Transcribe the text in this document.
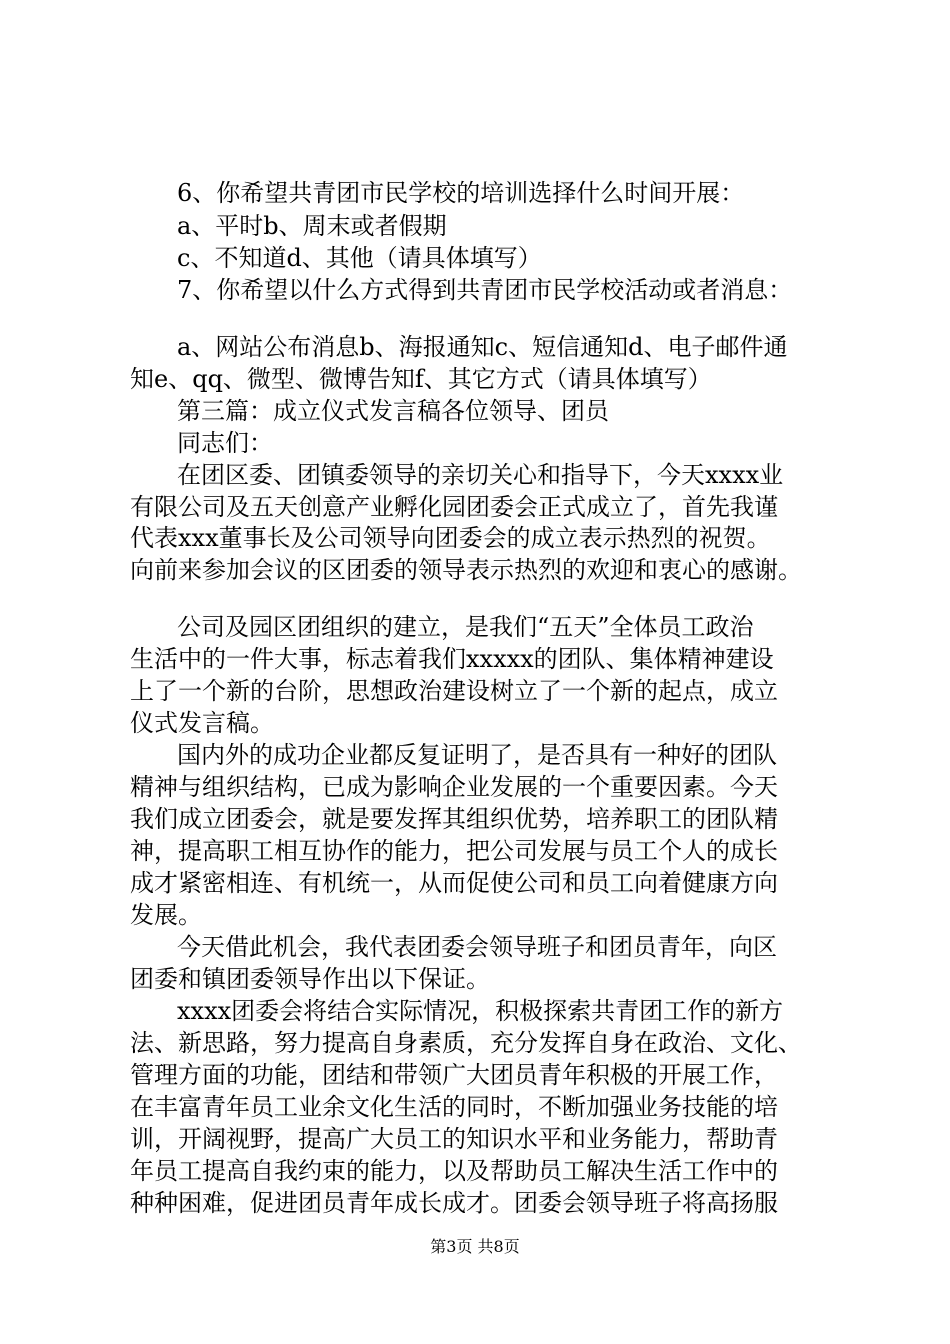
6、你希望共青团市民学校的培训选择什么时间开展：
a、平时b、周末或者假期
c、不知道d、其他（请具体填写）
7、你希望以什么方式得到共青团市民学校活动或者消息：
a、网站公布消息b、海报通知c、短信通知d、电子邮件通
知e、qq、微型、微博告知f、其它方式（请具体填写）
第三篇：成立仪式发言稿各位领导、团员
同志们：
在团区委、团镇委领导的亲切关心和指导下，今天xxxx业
有限公司及五天创意产业孵化园团委会正式成立了，首先我谨
代表xxx董事长及公司领导向团委会的成立表示热烈的祝贺。
向前来参加会议的区团委的领导表示热烈的欢迎和衷心的感谢。
公司及园区团组织的建立，是我们“五天”全体员工政治
生活中的一件大事，标志着我们xxxxx的团队、集体精神建设
上了一个新的台阶，思想政治建设树立了一个新的起点，成立
仪式发言稿。
国内外的成功企业都反复证明了，是否具有一种好的团队
精神与组织结构，已成为影响企业发展的一个重要因素。今天
我们成立团委会，就是要发挥其组织优势，培养职工的团队精
神，提高职工相互协作的能力，把公司发展与员工个人的成长
成才紧密相连、有机统一，从而促使公司和员工向着健康方向
发展。
今天借此机会，我代表团委会领导班子和团员青年，向区
团委和镇团委领导作出以下保证。
xxxx团委会将结合实际情况，积极探索共青团工作的新方
法、新思路，努力提高自身素质，充分发挥自身在政治、文化、
管理方面的功能，团结和带领广大团员青年积极的开展工作，
在丰富青年员工业余文化生活的同时，不断加强业务技能的培
训，开阔视野，提高广大员工的知识水平和业务能力，帮助青
年员工提高自我约束的能力，以及帮助员工解决生活工作中的
种种困难，促进团员青年成长成才。团委会领导班子将高扬服
第3页 共8页
